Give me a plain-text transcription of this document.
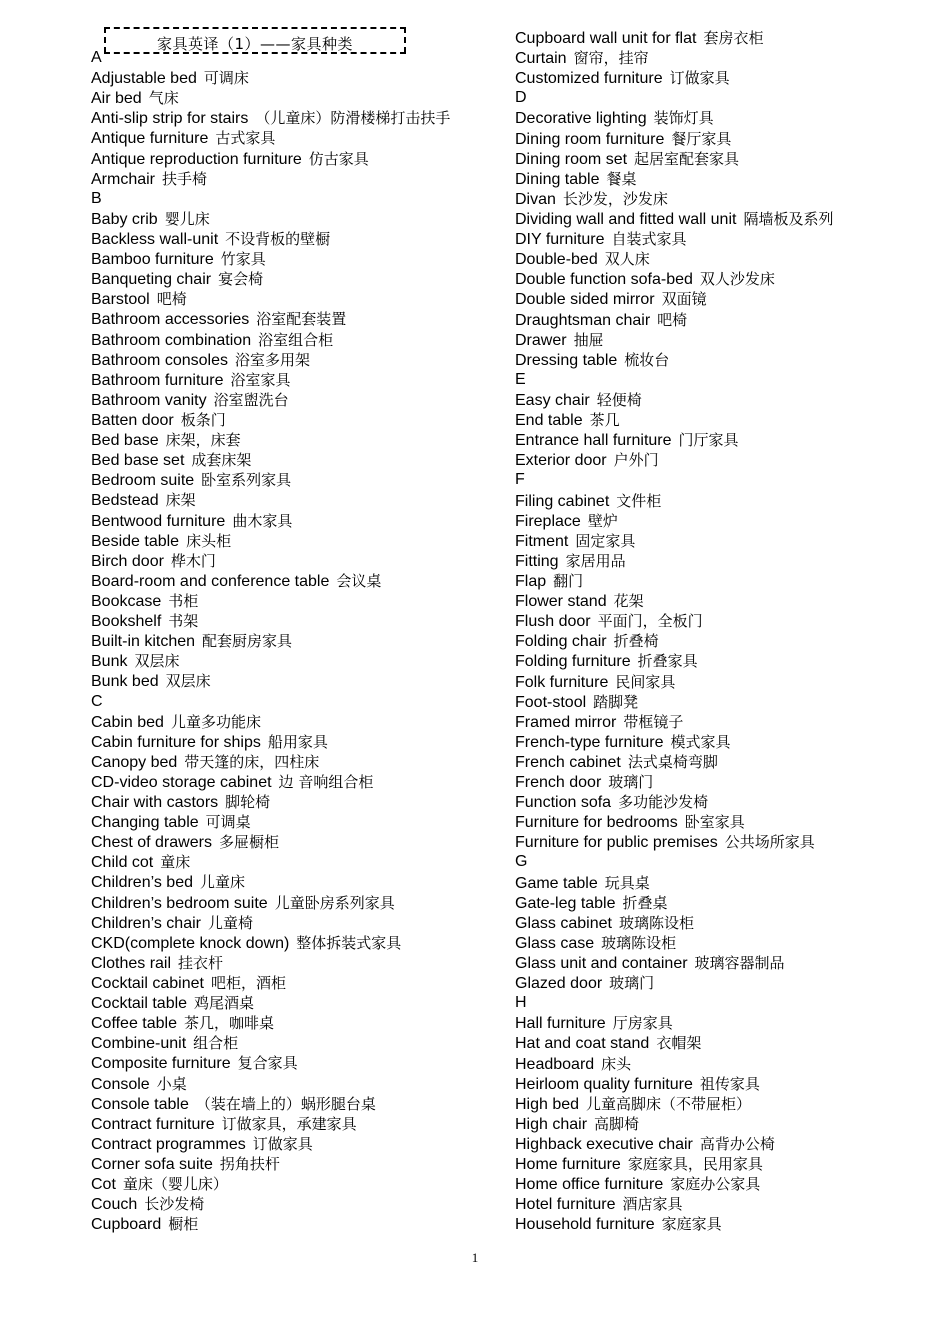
家具英译（1）——家具种类
A
Adjustable bed 可调床
Air bed 气床
Anti-slip strip for stairs （儿童床）防滑楼梯打击扶手
Antique furniture 古式家具
Antique reproduction furniture 仿古家具
Armchair 扶手椅
B
Baby crib 婴儿床
Backless wall-unit 不设背板的壁橱
Bamboo furniture 竹家具
Banqueting chair 宴会椅
Barstool 吧椅
Bathroom accessories 浴室配套装置
Bathroom combination 浴室组合柜
Bathroom consoles 浴室多用架
Bathroom furniture 浴室家具
Bathroom vanity 浴室盥洗台
Batten door 板条门
Bed base 床架，床套
Bed base set 成套床架
Bedroom suite 卧室系列家具
Bedstead 床架
Bentwood furniture 曲木家具
Beside table 床头柜
Birch door 桦木门
Board-room and conference table 会议桌
Bookcase 书柜
Bookshelf 书架
Built-in kitchen 配套厨房家具
Bunk 双层床
Bunk bed 双层床
C
Cabin bed 儿童多功能床
Cabin furniture for ships 船用家具
Canopy bed 带天篷的床，四柱床
CD-video storage cabinet 边 音响组合柜
Chair with castors 脚轮椅
Changing table 可调桌
Chest of drawers 多屉橱柜
Child cot 童床
Children’s bed 儿童床
Children’s bedroom suite 儿童卧房系列家具
Children’s chair 儿童椅
CKD(complete knock down) 整体拆装式家具
Clothes rail 挂衣杆
Cocktail cabinet 吧柜，酒柜
Cocktail table 鸡尾酒桌
Coffee table 茶几，咖啡桌
Combine-unit 组合柜
Composite furniture 复合家具
Console 小桌
Console table （装在墙上的）蜗形腿台桌
Contract furniture 订做家具，承建家具
Contract programmes 订做家具
Corner sofa suite 拐角扶杆
Cot 童床（婴儿床）
Couch 长沙发椅
Cupboard 橱柜
Cupboard wall unit for flat 套房衣柜
Curtain 窗帘，挂帘
Customized furniture 订做家具
D
Decorative lighting 装饰灯具
Dining room furniture 餐厅家具
Dining room set 起居室配套家具
Dining table 餐桌
Divan 长沙发，沙发床
Dividing wall and fitted wall unit 隔墙板及系列
DIY furniture 自装式家具
Double-bed 双人床
Double function sofa-bed 双人沙发床
Double sided mirror 双面镜
Draughtsman chair 吧椅
Drawer 抽屉
Dressing table 梳妆台
E
Easy chair 轻便椅
End table 茶几
Entrance hall furniture 门厅家具
Exterior door 户外门
F
Filing cabinet 文件柜
Fireplace 壁炉
Fitment 固定家具
Fitting 家居用品
Flap 翻门
Flower stand 花架
Flush door 平面门，全板门
Folding chair 折叠椅
Folding furniture 折叠家具
Folk furniture 民间家具
Foot-stool 踏脚凳
Framed mirror 带框镜子
French-type furniture 模式家具
French cabinet 法式桌椅弯脚
French door 玻璃门
Function sofa 多功能沙发椅
Furniture for bedrooms 卧室家具
Furniture for public premises 公共场所家具
G
Game table 玩具桌
Gate-leg table 折叠桌
Glass cabinet 玻璃陈设柜
Glass case 玻璃陈设柜
Glass unit and container 玻璃容器制品
Glazed door 玻璃门
H
Hall furniture 厅房家具
Hat and coat stand 衣帽架
Headboard 床头
Heirloom quality furniture 祖传家具
High bed 儿童高脚床（不带屉柜）
High chair 高脚椅
Highback executive chair 高背办公椅
Home furniture 家庭家具，民用家具
Home office furniture 家庭办公家具
Hotel furniture 酒店家具
Household furniture 家庭家具
1
